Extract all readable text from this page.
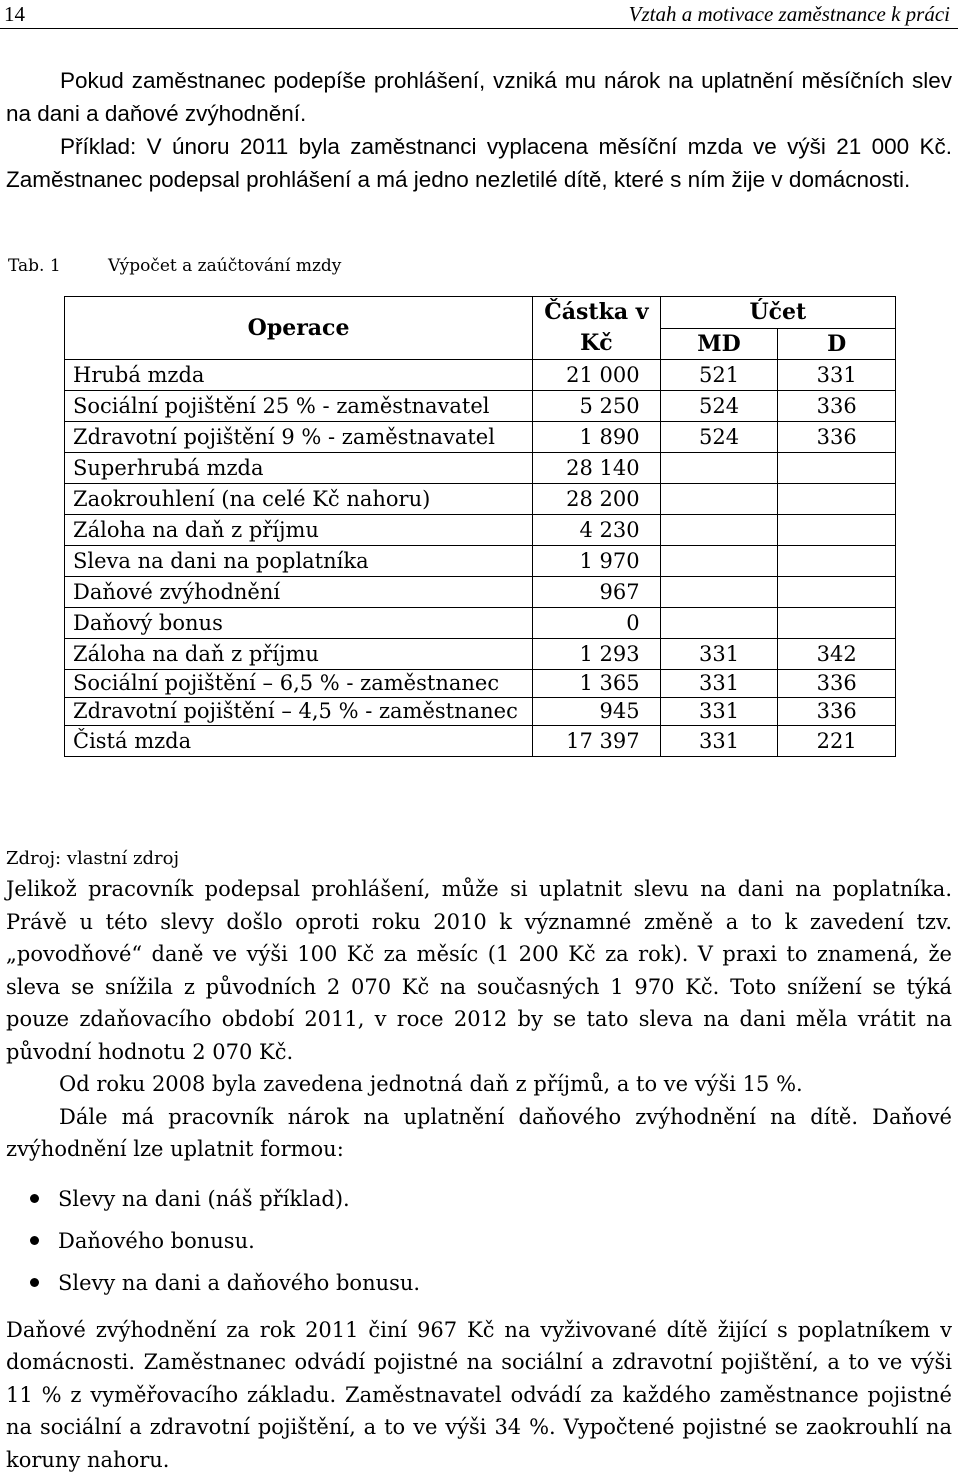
14	Vztah a motivace zaměstnance k práci

Pokud zaměstnanec podepíše prohlášení, vzniká mu nárok na uplatnění měsíčních slev na dani a daňové zvýhodnění.

Příklad: V únoru 2011 byla zaměstnanci vyplacena měsíční mzda ve výši 21 000 Kč. Zaměstnanec podepsal prohlášení a má jedno nezletilé dítě, které s ním žije v domácnosti.

Tab. 1	Výpočet a zaúčtování mzdy
Operace	Částka v Kč	Účet	
		MD	D
Hrubá mzda	21 000	521	331
Sociální pojištění 25 % - zaměstnavatel	5 250	524	336
Zdravotní pojištění 9 % - zaměstnavatel	1 890	524	336
Superhrubá mzda	28 140		
Zaokrouhlení (na celé Kč nahoru)	28 200		
Záloha na daň z příjmu	4 230		
Sleva na dani na poplatníka	1 970		
Daňové zvýhodnění	967		
Daňový bonus	0		
Záloha na daň z příjmu	1 293	331	342
Sociální pojištění – 6,5 % - zaměstnanec	1 365	331	336
Zdravotní pojištění – 4,5 % - zaměstnanec	945	331	336
Čistá mzda	17 397	331	221
Zdroj: vlastní zdroj

Jelikož pracovník podepsal prohlášení, může si uplatnit slevu na dani na poplatníka. Právě u této slevy došlo oproti roku 2010 k významné změně a to k zavedení tzv. „povodňové“ daně ve výši 100 Kč za měsíc (1 200 Kč za rok). V praxi to znamená, že sleva se snížila z původních 2 070 Kč na současných 1 970 Kč. Toto snížení se týká pouze zdaňovacího období 2011, v roce 2012 by se tato sleva na dani měla vrátit na původní hodnotu 2 070 Kč.

Od roku 2008 byla zavedena jednotná daň z příjmů, a to ve výši 15 %.

Dále má pracovník nárok na uplatnění daňového zvýhodnění na dítě. Daňové zvýhodnění lze uplatnit formou:

Slevy na dani (náš příklad).
Daňového bonusu.
Slevy na dani a daňového bonusu.

Daňové zvýhodnění za rok 2011 činí 967 Kč na vyživované dítě žijící s poplatníkem v domácnosti. Zaměstnanec odvádí pojistné na sociální a zdravotní pojištění, a to ve výši 11 % z vyměřovacího základu. Zaměstnavatel odvádí za každého zaměstnance pojistné na sociální a zdravotní pojištění, a to ve výši 34 %. Vypočtené pojistné se zaokrouhlí na koruny nahoru.
